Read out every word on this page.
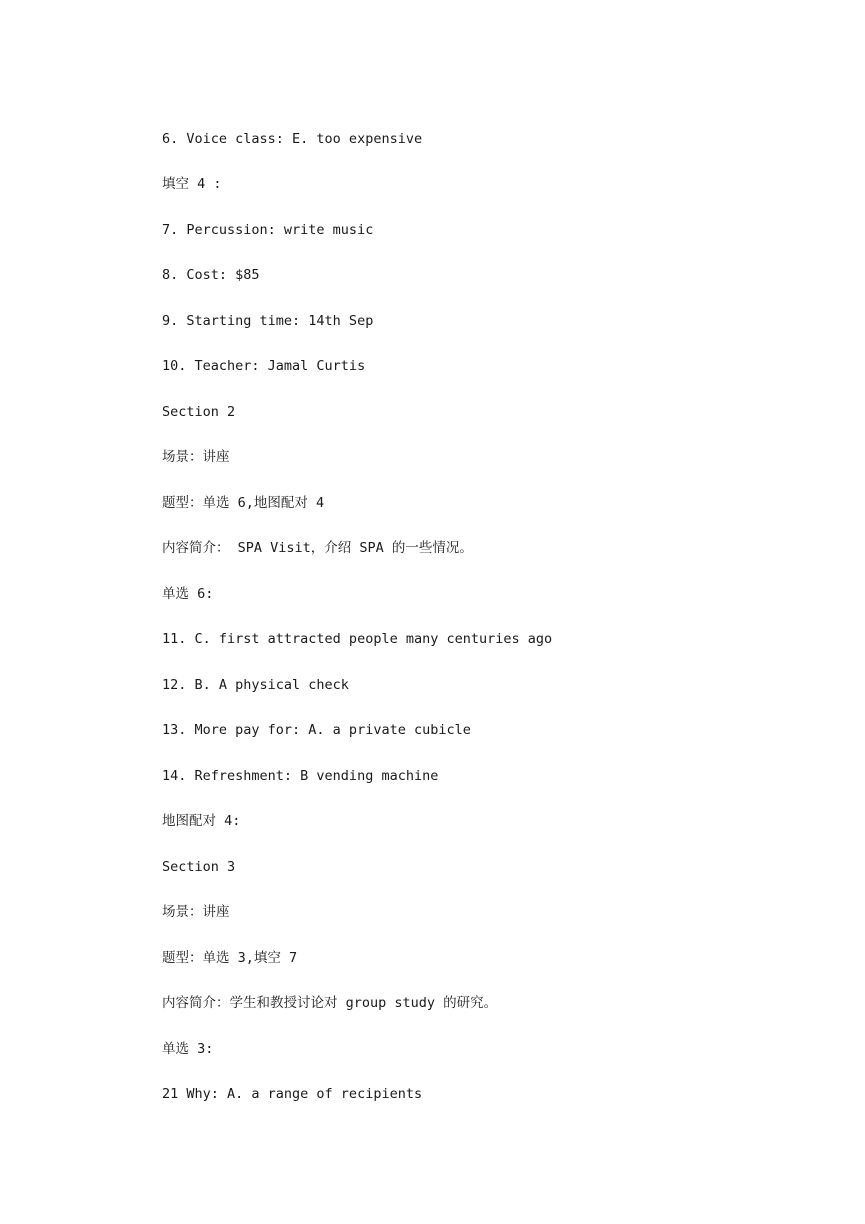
6. Voice class: E. too expensive

填空 4 :

7. Percussion: write music

8. Cost: $85

9. Starting time: 14th Sep

10. Teacher: Jamal Curtis

Section 2

场景：讲座

题型：单选 6,地图配对 4

内容简介： SPA Visit，介绍 SPA 的一些情况。

单选 6:

11. C. first attracted people many centuries ago

12. B. A physical check

13. More pay for: A. a private cubicle

14. Refreshment: B vending machine

地图配对 4:

Section 3

场景：讲座

题型：单选 3,填空 7

内容简介：学生和教授讨论对 group study 的研究。

单选 3:

21 Why: A. a range of recipients
